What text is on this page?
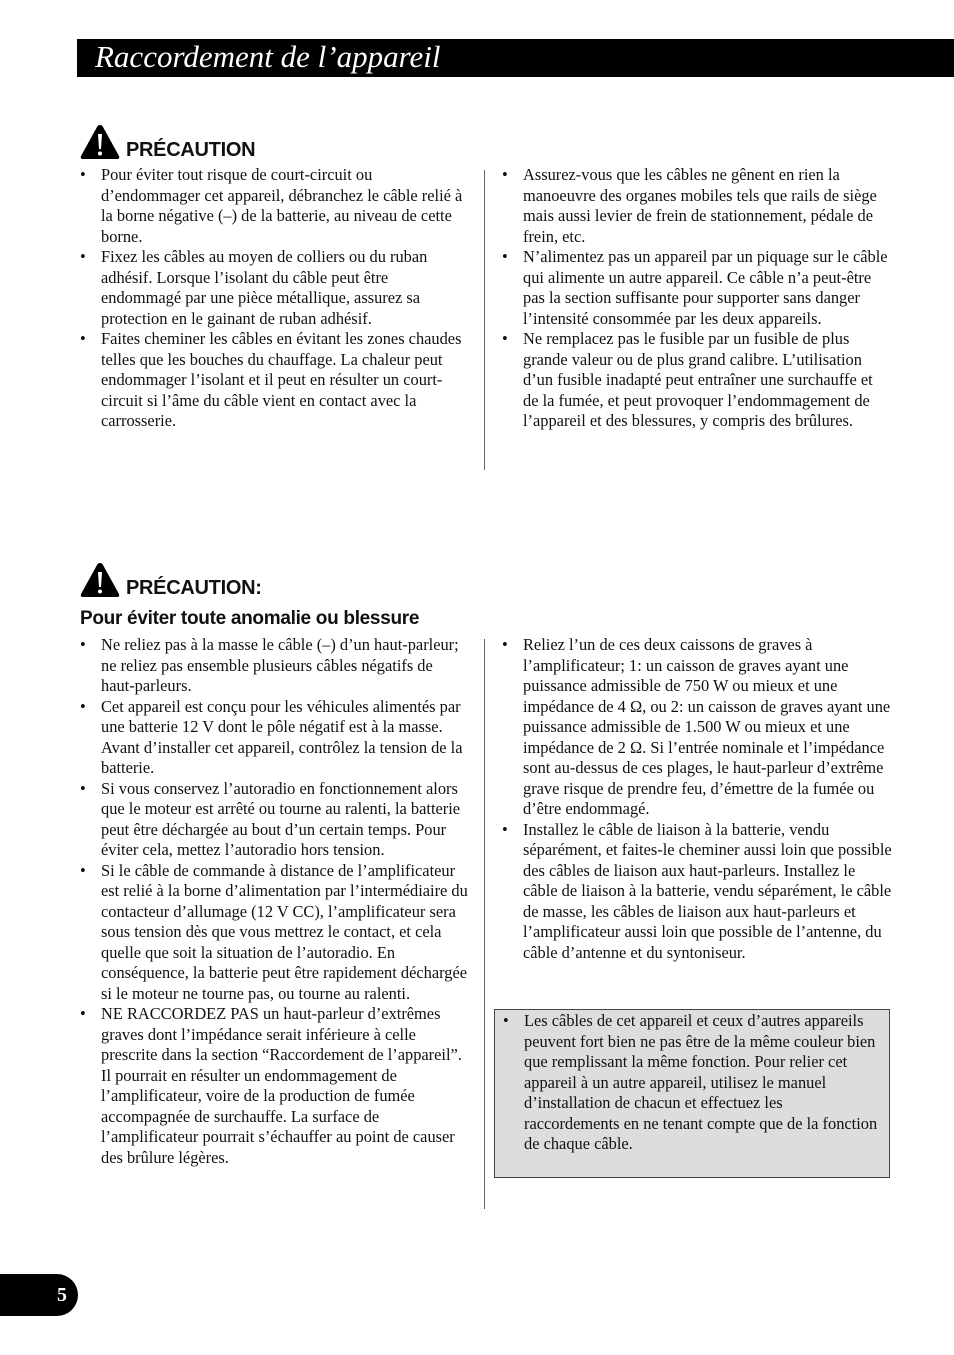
Raccordement de l’appareil
PRÉCAUTION
• Pour éviter tout risque de court-circuit ou d’endommager cet appareil, débranchez le câble relié à la borne négative (–) de la batterie, au niveau de cette borne.
• Fixez les câbles au moyen de colliers ou du ruban adhésif. Lorsque l’isolant du câble peut être endommagé par une pièce métallique, assurez sa protection en le gainant de ruban adhésif.
• Faites cheminer les câbles en évitant les zones chaudes telles que les bouches du chauffage. La chaleur peut endommager l’isolant et il peut en résulter un court-circuit si l’âme du câble vient en contact avec la carrosserie.
• Assurez-vous que les câbles ne gênent en rien la manoeuvre des organes mobiles tels que rails de siège mais aussi levier de frein de stationnement, pédale de frein, etc.
• N’alimentez pas un appareil par un piquage sur le câble qui alimente un autre appareil. Ce câble n’a peut-être pas la section suffisante pour supporter sans danger l’intensité consommée par les deux appareils.
• Ne remplacez pas le fusible par un fusible de plus grande valeur ou de plus grand calibre. L’utilisation d’un fusible inadapté peut entraîner une surchauffe et de la fumée, et peut provoquer l’endommagement de l’appareil et des blessures, y compris des brûlures.
PRÉCAUTION:
Pour éviter toute anomalie ou blessure
• Ne reliez pas à la masse le câble (–) d’un haut-parleur; ne reliez pas ensemble plusieurs câbles négatifs de haut-parleurs.
• Cet appareil est conçu pour les véhicules alimentés par une batterie 12 V dont le pôle négatif est à la masse. Avant d’installer cet appareil, contrôlez la tension de la batterie.
• Si vous conservez l’autoradio en fonctionnement alors que le moteur est arrêté ou tourne au ralenti, la batterie peut être déchargée au bout d’un certain temps. Pour éviter cela, mettez l’autoradio hors tension.
• Si le câble de commande à distance de l’amplificateur est relié à la borne d’alimentation par l’intermédiaire du contacteur d’allumage (12 V CC), l’amplificateur sera sous tension dès que vous mettrez le contact, et cela quelle que soit la situation de l’autoradio. En conséquence, la batterie peut être rapidement déchargée si le moteur ne tourne pas, ou tourne au ralenti.
• NE RACCORDEZ PAS un haut-parleur d’extrêmes graves dont l’impédance serait inférieure à celle prescrite dans la section “Raccordement de l’appareil”. Il pourrait en résulter un endommagement de l’amplificateur, voire de la production de fumée accompagnée de surchauffe. La surface de l’amplificateur pourrait s’échauffer au point de causer des brûlure légères.
• Reliez l’un de ces deux caissons de graves à l’amplificateur; 1: un caisson de graves ayant une puissance admissible de 750 W ou mieux et une impédance de 4 Ω, ou 2: un caisson de graves ayant une puissance admissible de 1.500 W ou mieux et une impédance de 2 Ω. Si l’entrée nominale et l’impédance sont au-dessus de ces plages, le haut-parleur d’extrême grave risque de prendre feu, d’émettre de la fumée ou d’être endommagé.
• Installez le câble de liaison à la batterie, vendu séparément, et faites-le cheminer aussi loin que possible des câbles de liaison aux haut-parleurs. Installez le câble de liaison à la batterie, vendu séparément, le câble de masse, les câbles de liaison aux haut-parleurs et l’amplificateur aussi loin que possible de l’antenne, du câble d’antenne et du syntoniseur.
• Les câbles de cet appareil et ceux d’autres appareils peuvent fort bien ne pas être de la même couleur bien que remplissant la même fonction. Pour relier cet appareil à un autre appareil, utilisez le manuel d’installation de chacun et effectuez les raccordements en ne tenant compte que de la fonction de chaque câble.
5
